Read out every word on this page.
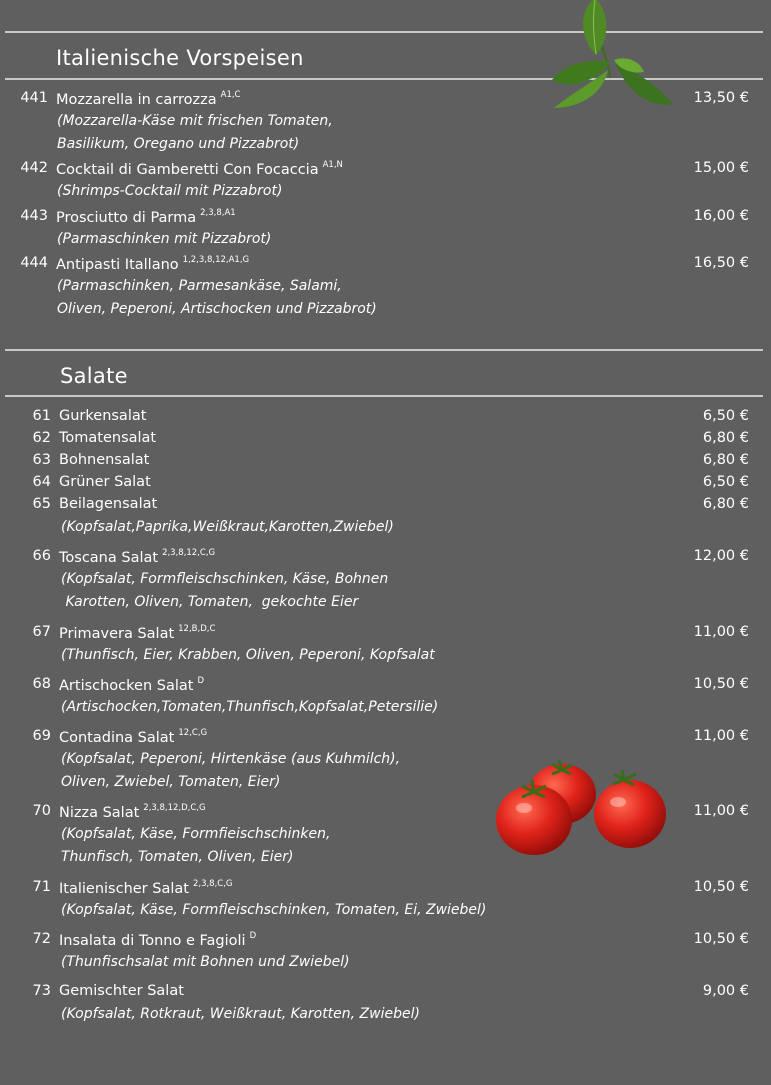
Italienische Vorspeisen
Salate
441 Mozzarella in carrozza $^{A1,C}$	13,50 €
(Mozzarella-Käse mit frischen Tomaten,
Basilikum, Oregano und Pizzabrot)
442 Cocktail di Gamberetti Con Focaccia $^{A1,N}$	15,00 €
(Shrimps-Cocktail mit Pizzabrot)
443 Prosciutto di Parma $^{2,3,8,A1}$	16,00 €
(Parmaschinken mit Pizzabrot)
444 Antipasti Itallano $^{1,2,3,8,12,A1,G}$	16,50 €
(Parmaschinken, Parmesankäse, Salami,
Oliven, Peperoni, Artischocken und Pizzabrot)
61 Gurkensalat	6,50 €
62 Tomatensalat	6,80 €
63 Bohnensalat	6,80 €
64 Grüner Salat	6,50 €
65 Beilagensalat	6,80 €
(Kopfsalat,Paprika,Weißkraut,Karotten,Zwiebel)
66 Toscana Salat $^{2,3,8,12,C,G}$	12,00 €
(Kopfsalat, Formfleischschinken, Käse, Bohnen
Karotten, Oliven, Tomaten,  gekochte Eier
67 Primavera Salat $^{12,B,D,C}$	11,00 €
(Thunfisch, Eier, Krabben, Oliven, Peperoni, Kopfsalat
68 Artischocken Salat $^D$	10,50 €
(Artischocken,Tomaten,Thunfisch,Kopfsalat,Petersilie)
69 Contadina Salat $^{12,C,G}$	11,00 €
(Kopfsalat, Peperoni, Hirtenkäse (aus Kuhmilch),
Oliven, Zwiebel, Tomaten, Eier)
70 Nizza Salat $^{2,3,8,12,D,C,G}$	11,00 €
(Kopfsalat, Käse, Formfieischschinken,
Thunfisch, Tomaten, Oliven, Eier)
71 Italienischer Salat $^{2,3,8,C,G}$	10,50 €
(Kopfsalat, Käse, Formfleischschinken, Tomaten, Ei, Zwiebel)
72 Insalata di Tonno e Fagioli $^D$	10,50 €
(Thunfischsalat mit Bohnen und Zwiebel)
73 Gemischter Salat	9,00 €
(Kopfsalat, Rotkraut, Weißkraut, Karotten, Zwiebel)
